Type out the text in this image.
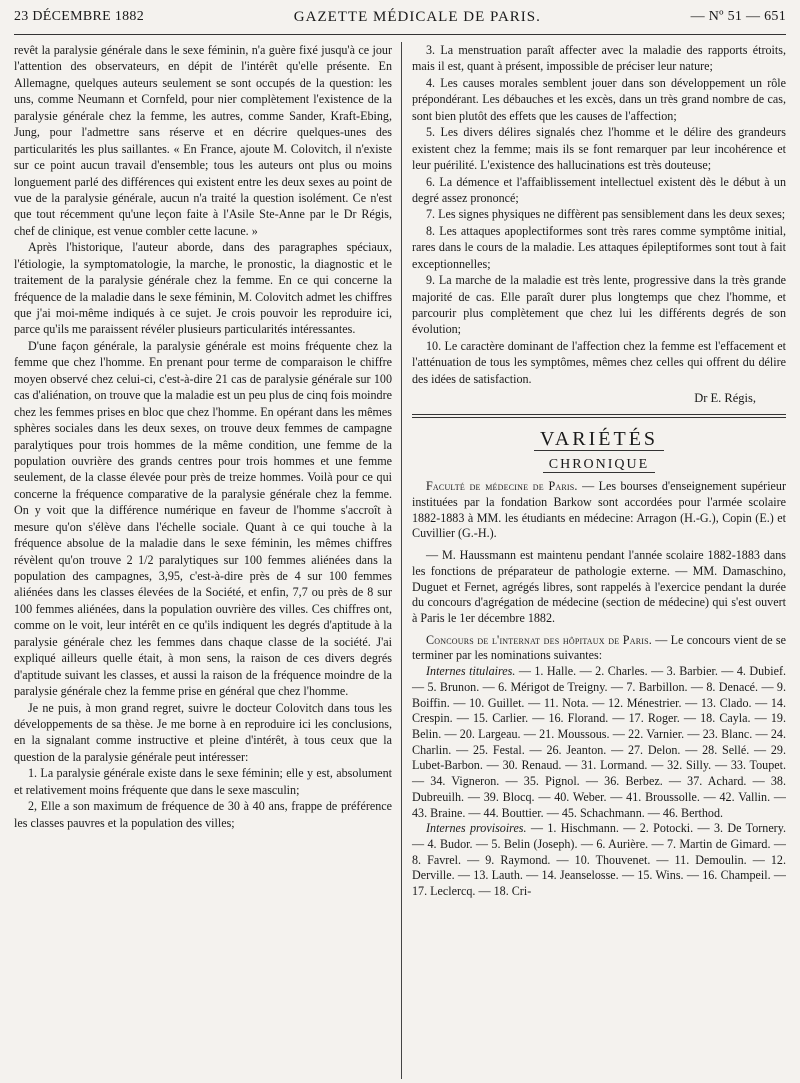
23 DÉCEMBRE 1882	GAZETTE MÉDICALE DE PARIS.	— Nº 51 — 651

revêt la paralysie générale dans le sexe féminin, n'a guère fixé jusqu'à ce jour l'attention des observateurs, en dépit de l'intérêt qu'elle présente. En Allemagne, quelques auteurs seulement se sont occupés de la question: les uns, comme Neumann et Cornfeld, pour nier complètement l'existence de la paralysie générale chez la femme, les autres, comme Sander, Kraft-Ebing, Jung, pour l'admettre sans réserve et en décrire quelques-unes des particularités les plus saillantes. « En France, ajoute M. Colovitch, il n'existe sur ce point aucun travail d'ensemble; tous les auteurs ont plus ou moins longuement parlé des différences qui existent entre les deux sexes au point de vue de la paralysie générale, aucun n'a traité la question isolément. Ce n'est que tout récemment qu'une leçon faite à l'Asile Ste-Anne par le Dr Régis, chef de clinique, est venue combler cette lacune. »

Après l'historique, l'auteur aborde, dans des paragraphes spéciaux, l'étiologie, la symptomatologie, la marche, le pronostic, la diagnostic et le traitement de la paralysie générale chez la femme. En ce qui concerne la fréquence de la maladie dans le sexe féminin, M. Colovitch admet les chiffres que j'ai moi-même indiqués à ce sujet. Je crois pouvoir les reproduire ici, parce qu'ils me paraissent révéler plusieurs particularités intéressantes.

D'une façon générale, la paralysie générale est moins fréquente chez la femme que chez l'homme. En prenant pour terme de comparaison le chiffre moyen observé chez celui-ci, c'est-à-dire 21 cas de paralysie générale sur 100 cas d'aliénation, on trouve que la maladie est un peu plus de cinq fois moindre chez les femmes prises en bloc que chez l'homme. En opérant dans les mêmes sphères sociales dans les deux sexes, on trouve deux femmes de campagne paralytiques pour trois hommes de la même condition, une femme de la population ouvrière des grands centres pour trois hommes et une femme seulement, de la classe élevée pour près de treize hommes. Voilà pour ce qui concerne la fréquence comparative de la paralysie générale chez la femme. On y voit que la différence numérique en faveur de l'homme s'accroît à mesure qu'on s'élève dans l'échelle sociale. Quant à ce qui touche à la fréquence absolue de la maladie dans le sexe féminin, les mêmes chiffres révèlent qu'on trouve 2 1/2 paralytiques sur 100 femmes aliénées dans la population des campagnes, 3,95, c'est-à-dire près de 4 sur 100 femmes aliénées dans les classes élevées de la Société, et enfin, 7,7 ou près de 8 sur 100 femmes aliénées, dans la population ouvrière des villes. Ces chiffres ont, comme on le voit, leur intérêt en ce qu'ils indiquent les degrés d'aptitude à la paralysie générale chez les femmes dans chaque classe de la société. J'ai expliqué ailleurs quelle était, à mon sens, la raison de ces divers degrés d'aptitude suivant les classes, et aussi la raison de la fréquence moindre de la paralysie générale chez la femme prise en général que chez l'homme.

Je ne puis, à mon grand regret, suivre le docteur Colovitch dans tous les développements de sa thèse. Je me borne à en reproduire ici les conclusions, en la signalant comme instructive et pleine d'intérêt, à tous ceux que la question de la paralysie générale peut intéresser:

1. La paralysie générale existe dans le sexe féminin; elle y est, absolument et relativement moins fréquente que dans le sexe masculin;

2, Elle a son maximum de fréquence de 30 à 40 ans, frappe de préférence les classes pauvres et la population des villes;

3. La menstruation paraît affecter avec la maladie des rapports étroits, mais il est, quant à présent, impossible de préciser leur nature;

4. Les causes morales semblent jouer dans son développement un rôle prépondérant. Les débauches et les excès, dans un très grand nombre de cas, sont bien plutôt des effets que les causes de l'affection;

5. Les divers délires signalés chez l'homme et le délire des grandeurs existent chez la femme; mais ils se font remarquer par leur incohérence et leur puérilité. L'existence des hallucinations est très douteuse;

6. La démence et l'affaiblissement intellectuel existent dès le début à un degré assez prononcé;

7. Les signes physiques ne diffèrent pas sensiblement dans les deux sexes;

8. Les attaques apoplectiformes sont très rares comme symptôme initial, rares dans le cours de la maladie. Les attaques épileptiformes sont tout à fait exceptionnelles;

9. La marche de la maladie est très lente, progressive dans la très grande majorité de cas. Elle paraît durer plus longtemps que chez l'homme, et parcourir plus complètement que chez lui les différents degrés de son évolution;

10. Le caractère dominant de l'affection chez la femme est l'effacement et l'atténuation de tous les symptômes, mêmes chez celles qui offrent du délire des idées de satisfaction.

Dr E. Régis,
VARIÉTÉS
CHRONIQUE

Faculté de médecine de Paris. — Les bourses d'enseignement supérieur instituées par la fondation Barkow sont accordées pour l'armée scolaire 1882-1883 à MM. les étudiants en médecine: Arragon (H.-G.), Copin (E.) et Cuvillier (G.-H.).

— M. Haussmann est maintenu pendant l'année scolaire 1882-1883 dans les fonctions de préparateur de pathologie externe. — MM. Damaschino, Duguet et Fernet, agrégés libres, sont rappelés à l'exercice pendant la durée du concours d'agrégation de médecine (section de médecine) qui s'est ouvert à Paris le 1er décembre 1882.

Concours de l'internat des hôpitaux de Paris. — Le concours vient de se terminer par les nominations suivantes:

Internes titulaires. — 1. Halle. — 2. Charles. — 3. Barbier. — 4. Dubief. — 5. Brunon. — 6. Mérigot de Treigny. — 7. Barbillon. — 8. Denacé. — 9. Boiffin. — 10. Guillet. — 11. Nota. — 12. Ménestrier. — 13. Clado. — 14. Crespin. — 15. Carlier. — 16. Florand. — 17. Roger. — 18. Cayla. — 19. Belin. — 20. Largeau. — 21. Moussous. — 22. Varnier. — 23. Blanc. — 24. Charlin. — 25. Festal. — 26. Jeanton. — 27. Delon. — 28. Sellé. — 29. Lubet-Barbon. — 30. Renaud. — 31. Lormand. — 32. Silly. — 33. Toupet. — 34. Vigneron. — 35. Pignol. — 36. Berbez. — 37. Achard. — 38. Dubreuilh. — 39. Blocq. — 40. Weber. — 41. Broussolle. — 42. Vallin. — 43. Braine. — 44. Bouttier. — 45. Schachmann. — 46. Berthod.

Internes provisoires. — 1. Hischmann. — 2. Potocki. — 3. De Tornery. — 4. Budor. — 5. Belin (Joseph). — 6. Aurière. — 7. Martin de Gimard. — 8. Favrel. — 9. Raymond. — 10. Thouvenet. — 11. Demoulin. — 12. Derville. — 13. Lauth. — 14. Jeanselosse. — 15. Wins. — 16. Champeil. — 17. Leclercq. — 18. Cri-
